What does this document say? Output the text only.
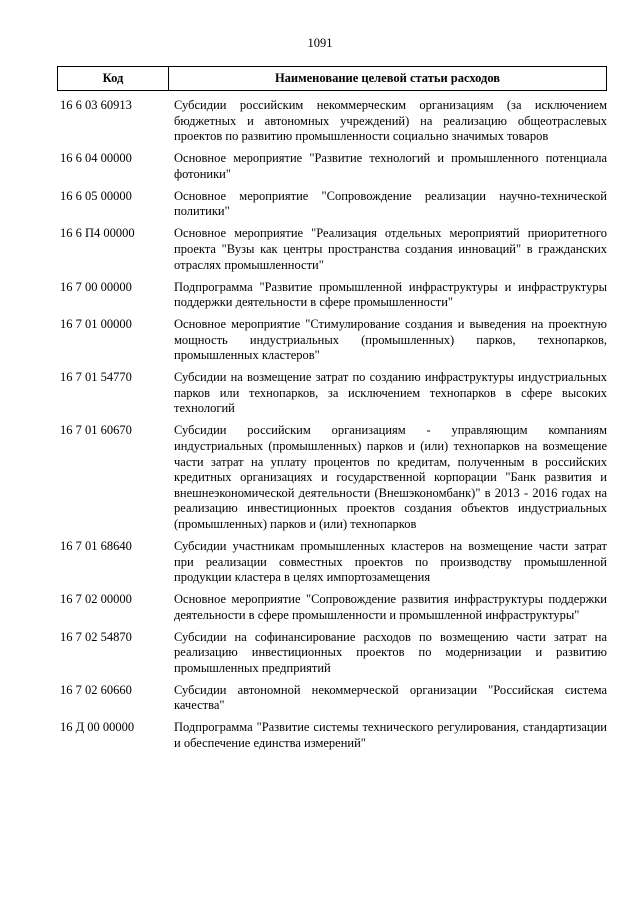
1091
Код	Наименование целевой статьи расходов
16 6 03 60913	Субсидии российским некоммерческим организациям (за исключением бюджетных и автономных учреждений) на реализацию общеотраслевых проектов по развитию промышленности социально значимых товаров
16 6 04 00000	Основное мероприятие "Развитие технологий и промышленного потенциала фотоники"
16 6 05 00000	Основное мероприятие "Сопровождение реализации научно-технической политики"
16 6 П4 00000	Основное мероприятие "Реализация отдельных мероприятий приоритетного проекта "Вузы как центры пространства создания инноваций" в гражданских отраслях промышленности"
16 7 00 00000	Подпрограмма "Развитие промышленной инфраструктуры и инфраструктуры поддержки деятельности в сфере промышленности"
16 7 01 00000	Основное мероприятие "Стимулирование создания и выведения на проектную мощность индустриальных (промышленных) парков, технопарков, промышленных кластеров"
16 7 01 54770	Субсидии на возмещение затрат по созданию инфраструктуры индустриальных парков или технопарков, за исключением технопарков в сфере высоких технологий
16 7 01 60670	Субсидии российским организациям - управляющим компаниям индустриальных (промышленных) парков и (или) технопарков на возмещение части затрат на уплату процентов по кредитам, полученным в российских кредитных организациях и государственной корпорации "Банк развития и внешнеэкономической деятельности (Внешэкономбанк)" в 2013 - 2016 годах на реализацию инвестиционных проектов создания объектов индустриальных (промышленных) парков и (или) технопарков
16 7 01 68640	Субсидии участникам промышленных кластеров на возмещение части затрат при реализации совместных проектов по производству промышленной продукции кластера в целях импортозамещения
16 7 02 00000	Основное мероприятие "Сопровождение развития инфраструктуры поддержки деятельности в сфере промышленности и промышленной инфраструктуры"
16 7 02 54870	Субсидии на софинансирование расходов по возмещению части затрат на реализацию инвестиционных проектов по модернизации и развитию промышленных предприятий
16 7 02 60660	Субсидии автономной некоммерческой организации "Российская система качества"
16 Д 00 00000	Подпрограмма "Развитие системы технического регулирования, стандартизации и обеспечение единства измерений"
